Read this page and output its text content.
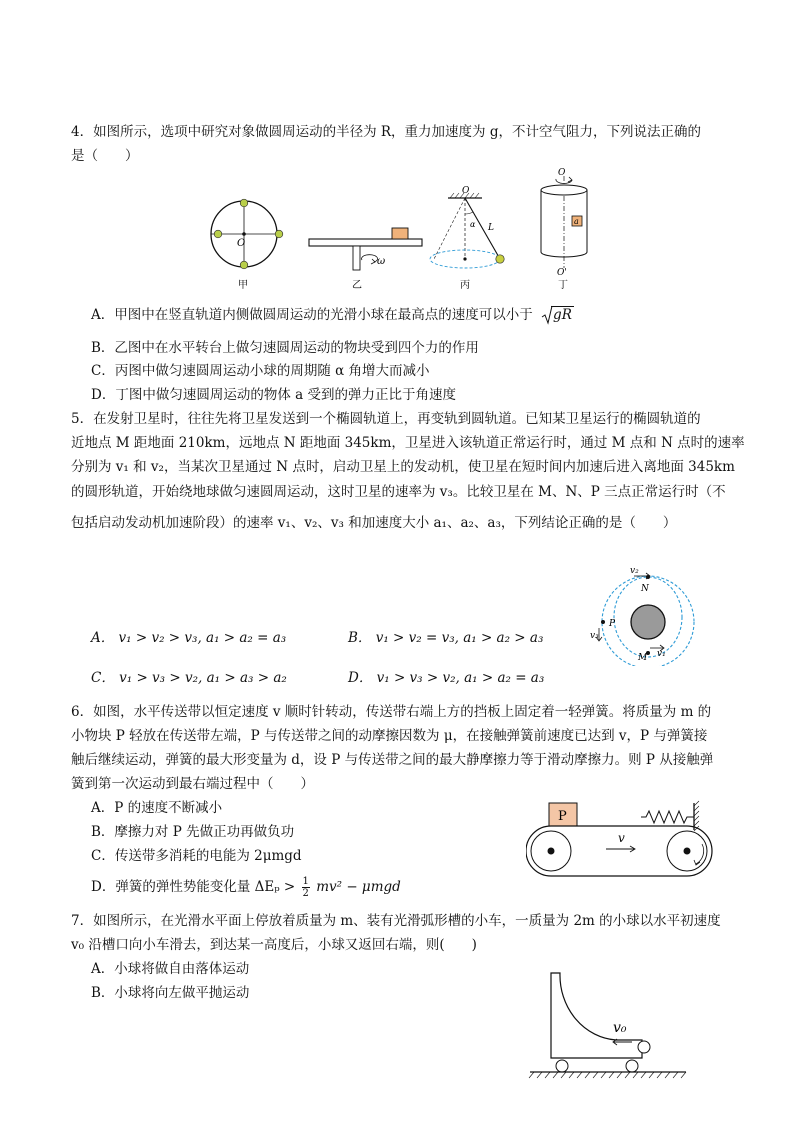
4．如图所示，选项中研究对象做圆周运动的半径为 R，重力加速度为 g，不计空气阻力，下列说法正确的
是（　　）
O
甲
ω
乙
O
α L
丙
O
a
O'
丁
A．甲图中在竖直轨道内侧做圆周运动的光滑小球在最高点的速度可以小于 gR
B．乙图中在水平转台上做匀速圆周运动的物块受到四个力的作用
C．丙图中做匀速圆周运动小球的周期随 α 角增大而减小
D．丁图中做匀速圆周运动的物体 a 受到的弹力正比于角速度
5．在发射卫星时，往往先将卫星发送到一个椭圆轨道上，再变轨到圆轨道。已知某卫星运行的椭圆轨道的
近地点 M 距地面 210km，远地点 N 距地面 345km，卫星进入该轨道正常运行时，通过 M 点和 N 点时的速率
分别为 v₁ 和 v₂，当某次卫星通过 N 点时，启动卫星上的发动机，使卫星在短时间内加速后进入离地面 345km
的圆形轨道，开始绕地球做匀速圆周运动，这时卫星的速率为 v₃。比较卫星在 M、N、P 三点正常运行时（不
包括启动发动机加速阶段）的速率 v₁、v₂、v₃ 和加速度大小 a₁、a₂、a₃，下列结论正确的是（　　）
A． v₁ > v₂ > v₃, a₁ > a₂ = a₃	B． v₁ > v₂ = v₃, a₁ > a₂ > a₃
C． v₁ > v₃ > v₂, a₁ > a₃ > a₂	D． v₁ > v₃ > v₂, a₁ > a₂ = a₃
v₂
N
P
v₃
M v₁
6．如图，水平传送带以恒定速度 v 顺时针转动，传送带右端上方的挡板上固定着一轻弹簧。将质量为 m 的
小物块 P 轻放在传送带左端，P 与传送带之间的动摩擦因数为 μ，在接触弹簧前速度已达到 v，P 与弹簧接
触后继续运动，弹簧的最大形变量为 d，设 P 与传送带之间的最大静摩擦力等于滑动摩擦力。则 P 从接触弹
簧到第一次运动到最右端过程中（　　）
A．P 的速度不断减小
B．摩擦力对 P 先做正功再做负功
C．传送带多消耗的电能为 2μmgd
D．弹簧的弹性势能变化量 $\Delta E_p > \frac{1}{2} mv^2 - \mu mgd$
P
v
7．如图所示，在光滑水平面上停放着质量为 m、装有光滑弧形槽的小车，一质量为 2m 的小球以水平初速度
v₀ 沿槽口向小车滑去，到达某一高度后，小球又返回右端，则(　　)
A．小球将做自由落体运动
B．小球将向左做平抛运动
v₀
